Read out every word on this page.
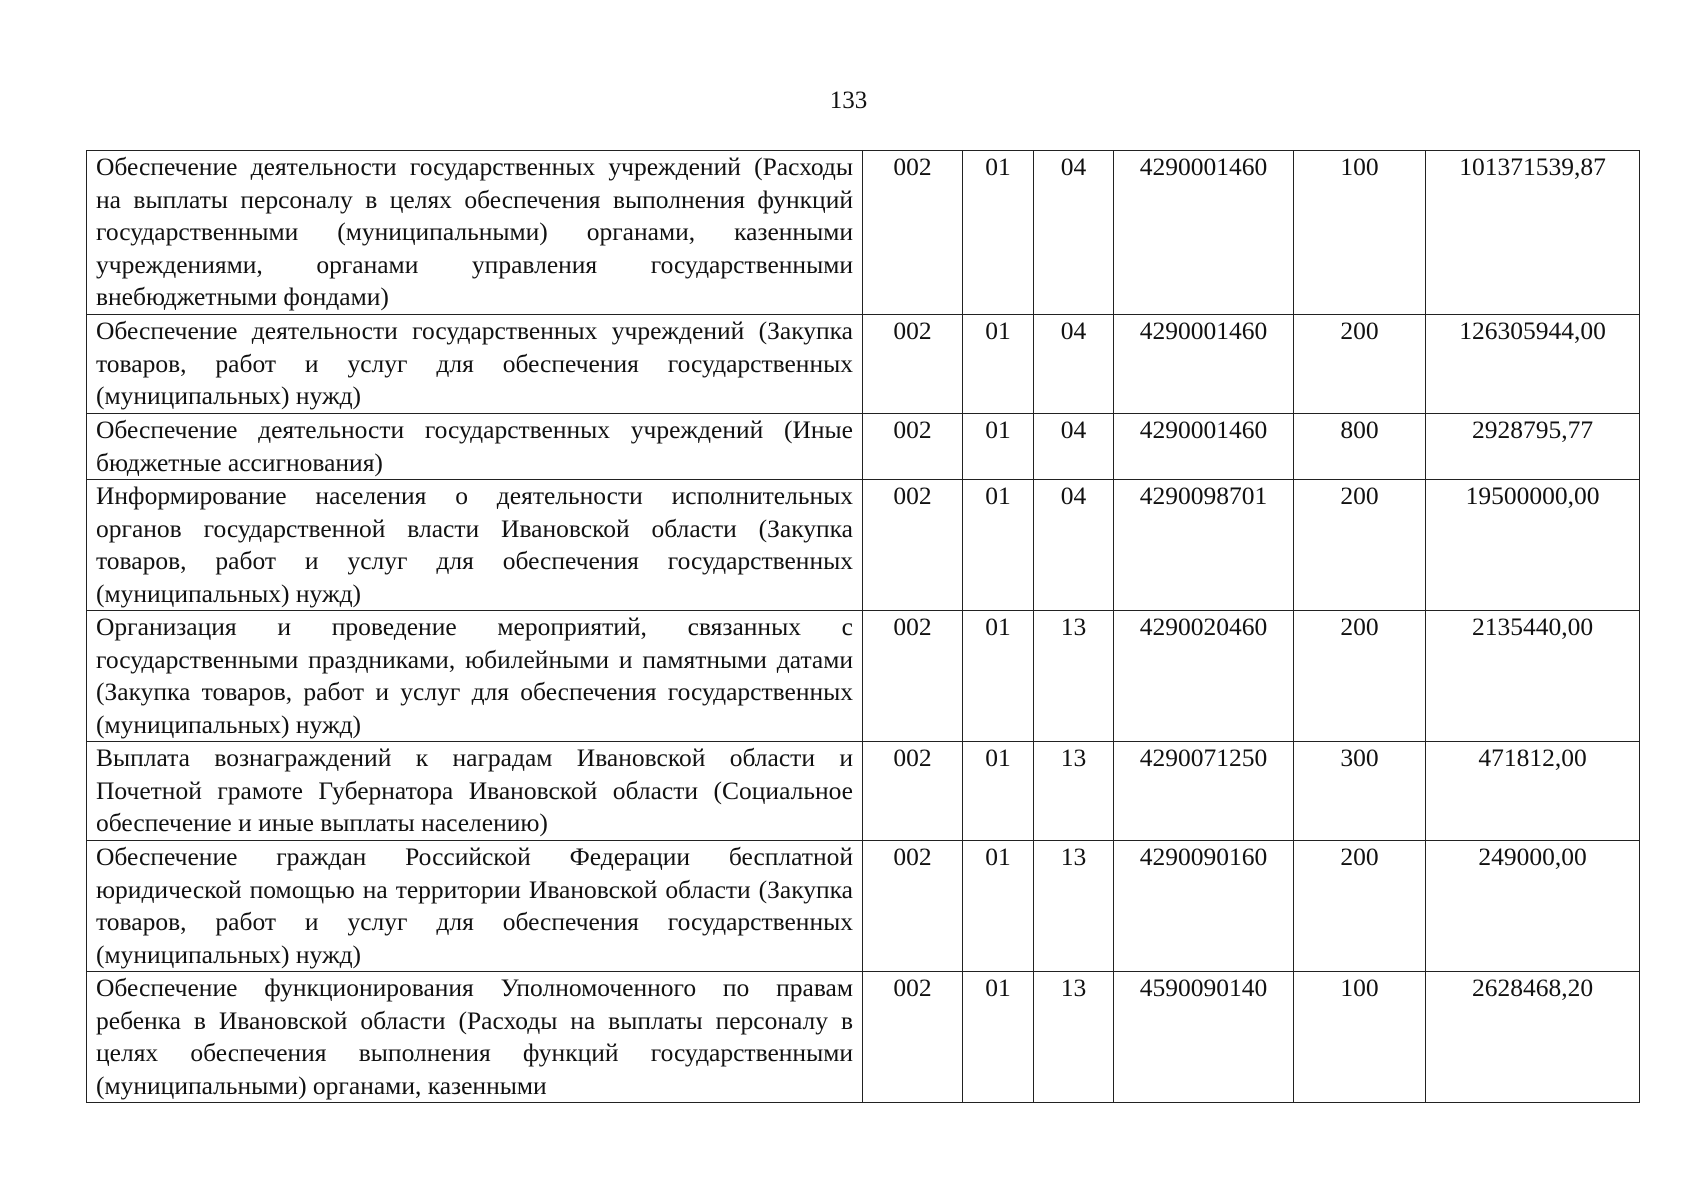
133
Обеспечение деятельности государственных учреждений (Расходы на выплаты персоналу в целях обеспечения выполнения функций государственными (муниципальными) органами, казенными учреждениями, органами управления государственными внебюджетными фондами)	002	01	04	4290001460	100	101371539,87
Обеспечение деятельности государственных учреждений (Закупка товаров, работ и услуг для обеспечения государственных (муниципальных) нужд)	002	01	04	4290001460	200	126305944,00
Обеспечение деятельности государственных учреждений (Иные бюджетные ассигнования)	002	01	04	4290001460	800	2928795,77
Информирование населения о деятельности исполнительных органов государственной власти Ивановской области (Закупка товаров, работ и услуг для обеспечения государственных (муниципальных) нужд)	002	01	04	4290098701	200	19500000,00
Организация и проведение мероприятий, связанных с государственными праздниками, юбилейными и памятными датами (Закупка товаров, работ и услуг для обеспечения государственных (муниципальных) нужд)	002	01	13	4290020460	200	2135440,00
Выплата вознаграждений к наградам Ивановской области и Почетной грамоте Губернатора Ивановской области (Социальное обеспечение и иные выплаты населению)	002	01	13	4290071250	300	471812,00
Обеспечение граждан Российской Федерации бесплатной юридической помощью на территории Ивановской области (Закупка товаров, работ и услуг для обеспечения государственных (муниципальных) нужд)	002	01	13	4290090160	200	249000,00
Обеспечение функционирования Уполномоченного по правам ребенка в Ивановской области (Расходы на выплаты персоналу в целях обеспечения выполнения функций государственными (муниципальными) органами, казенными	002	01	13	4590090140	100	2628468,20
